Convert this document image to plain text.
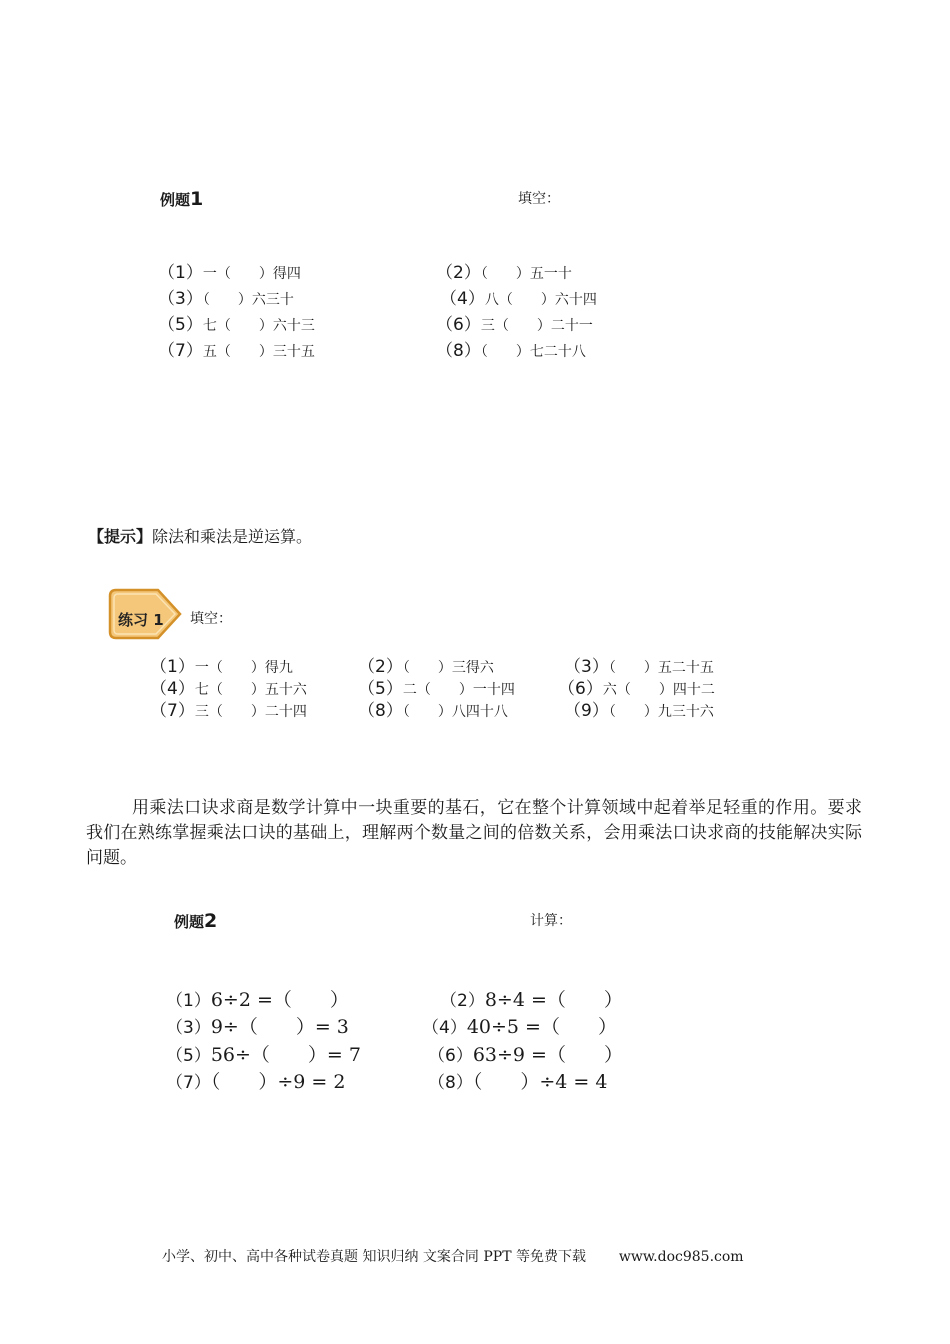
例题1	填空：
（1）一（　　）得四	（2）（　　）五一十
（3）（　　）六三十	（4）八（　　）六十四
（5）七（　　）六十三	（6）三（　　）二十一
（7）五（　　）三十五	（8）（　　）七二十八
【提示】除法和乘法是逆运算。
练习 1 填空：
（1）一（　　）得九	（2）（　　）三得六	（3）（　　）五二十五
（4）七（　　）五十六	（5）二（　　）一十四	（6）六（　　）四十二
（7）三（　　）二十四	（8）（　　）八四十八	（9）（　　）九三十六
用乘法口诀求商是数学计算中一块重要的基石，它在整个计算领域中起着举足轻重的作用。要求我们在熟练掌握乘法口诀的基础上，理解两个数量之间的倍数关系，会用乘法口诀求商的技能解决实际问题。
例题2	计算：
（1）6÷2 =（　　）	（2）8÷4 =（　　）
（3）9÷（　　）= 3	（4）40÷5 =（　　）
（5）56÷（　　）= 7	（6）63÷9 =（　　）
（7）（　　）÷9 = 2	（8）（　　）÷4 = 4
小学、初中、高中各种试卷真题 知识归纳 文案合同 PPT 等免费下载 www.doc985.com
